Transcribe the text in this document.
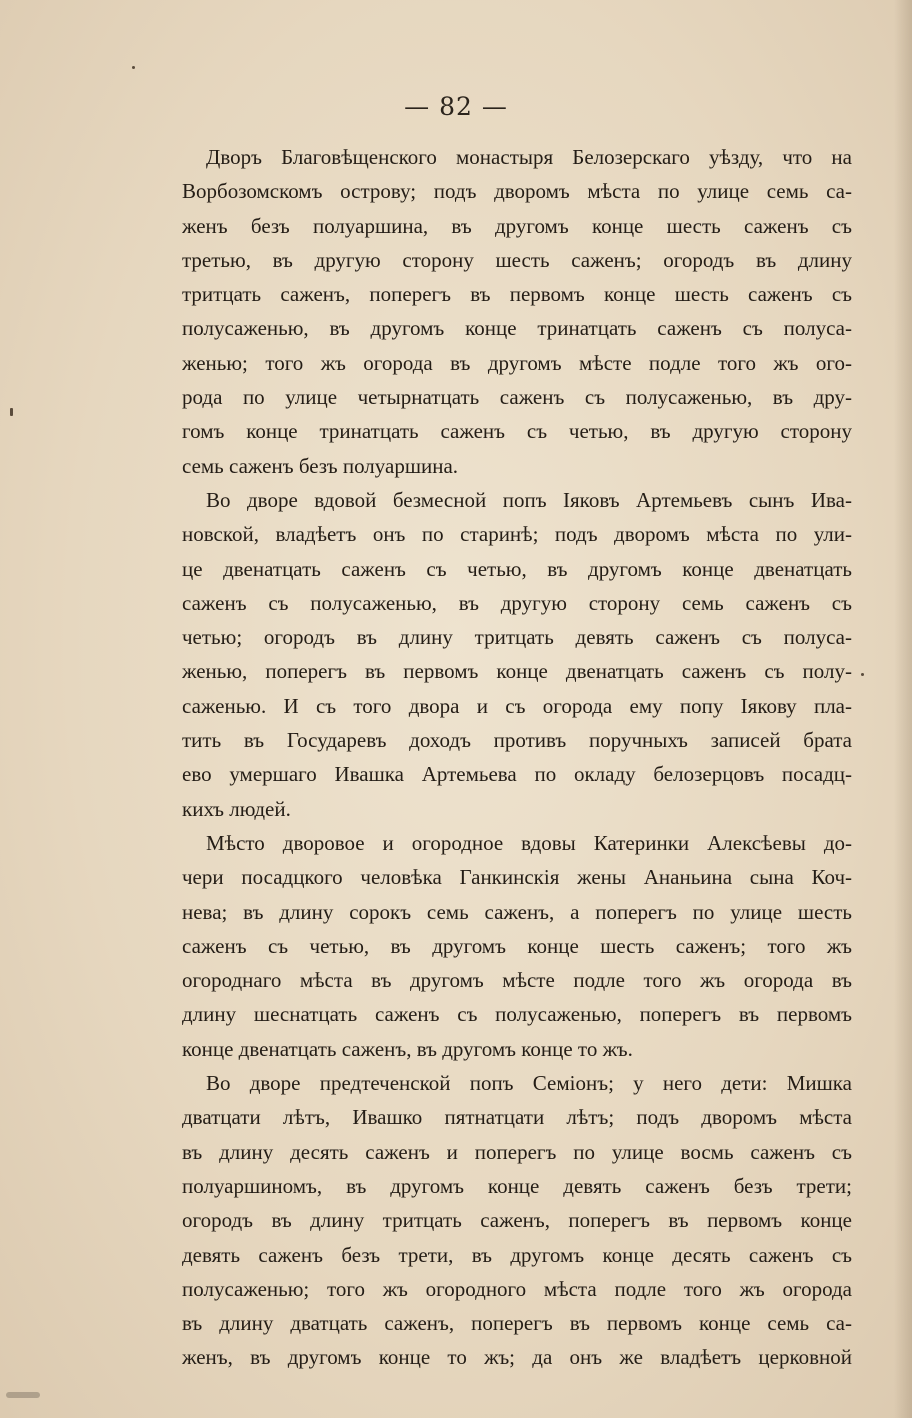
— 82 —
Дворъ Благовѣщенского монастыря Белозерскаго уѣзду, что на
Ворбозомскомъ острову; подъ дворомъ мѣста по улице семь са-
женъ безъ полуаршина, въ другомъ конце шесть саженъ съ
третью, въ другую сторону шесть саженъ; огородъ въ длину
тритцать саженъ, поперегъ въ первомъ конце шесть саженъ съ
полусаженью, въ другомъ конце тринатцать саженъ съ полуса-
женью; того жъ огорода въ другомъ мѣсте подле того жъ ого-
рода по улице четырнатцать саженъ съ полусаженью, въ дру-
гомъ конце тринатцать саженъ съ четью, въ другую сторону
семь саженъ безъ полуаршина.
Во дворе вдовой безмесной попъ Іяковъ Артемьевъ сынъ Ива-
новской, владѣетъ онъ по старинѣ; подъ дворомъ мѣста по ули-
це двенатцать саженъ съ четью, въ другомъ конце двенатцать
саженъ съ полусаженью, въ другую сторону семь саженъ съ
четью; огородъ въ длину тритцать девять саженъ съ полуса-
женью, поперегъ въ первомъ конце двенатцать саженъ съ полу-
саженью. И съ того двора и съ огорода ему попу Іякову пла-
тить въ Государевъ доходъ противъ поручныхъ записей брата
ево умершаго Ивашка Артемьева по окладу белозерцовъ посадц-
кихъ людей.
Мѣсто дворовое и огородное вдовы Катеринки Алексѣевы до-
чери посадцкого человѣка Ганкинскія жены Ананьина сына Коч-
нева; въ длину сорокъ семь саженъ, а поперегъ по улице шесть
саженъ съ четью, въ другомъ конце шесть саженъ; того жъ
огороднаго мѣста въ другомъ мѣсте подле того жъ огорода въ
длину шеснатцать саженъ съ полусаженью, поперегъ въ первомъ
конце двенатцать саженъ, въ другомъ конце то жъ.
Во дворе предтеченской попъ Семіонъ; у него дети: Мишка
дватцати лѣтъ, Ивашко пятнатцати лѣтъ; подъ дворомъ мѣста
въ длину десять саженъ и поперегъ по улице восмь саженъ съ
полуаршиномъ, въ другомъ конце девять саженъ безъ трети;
огородъ въ длину тритцать саженъ, поперегъ въ первомъ конце
девять саженъ безъ трети, въ другомъ конце десять саженъ съ
полусаженью; того жъ огородного мѣста подле того жъ огорода
въ длину дватцать саженъ, поперегъ въ первомъ конце семь са-
женъ, въ другомъ конце то жъ; да онъ же владѣетъ церковной
